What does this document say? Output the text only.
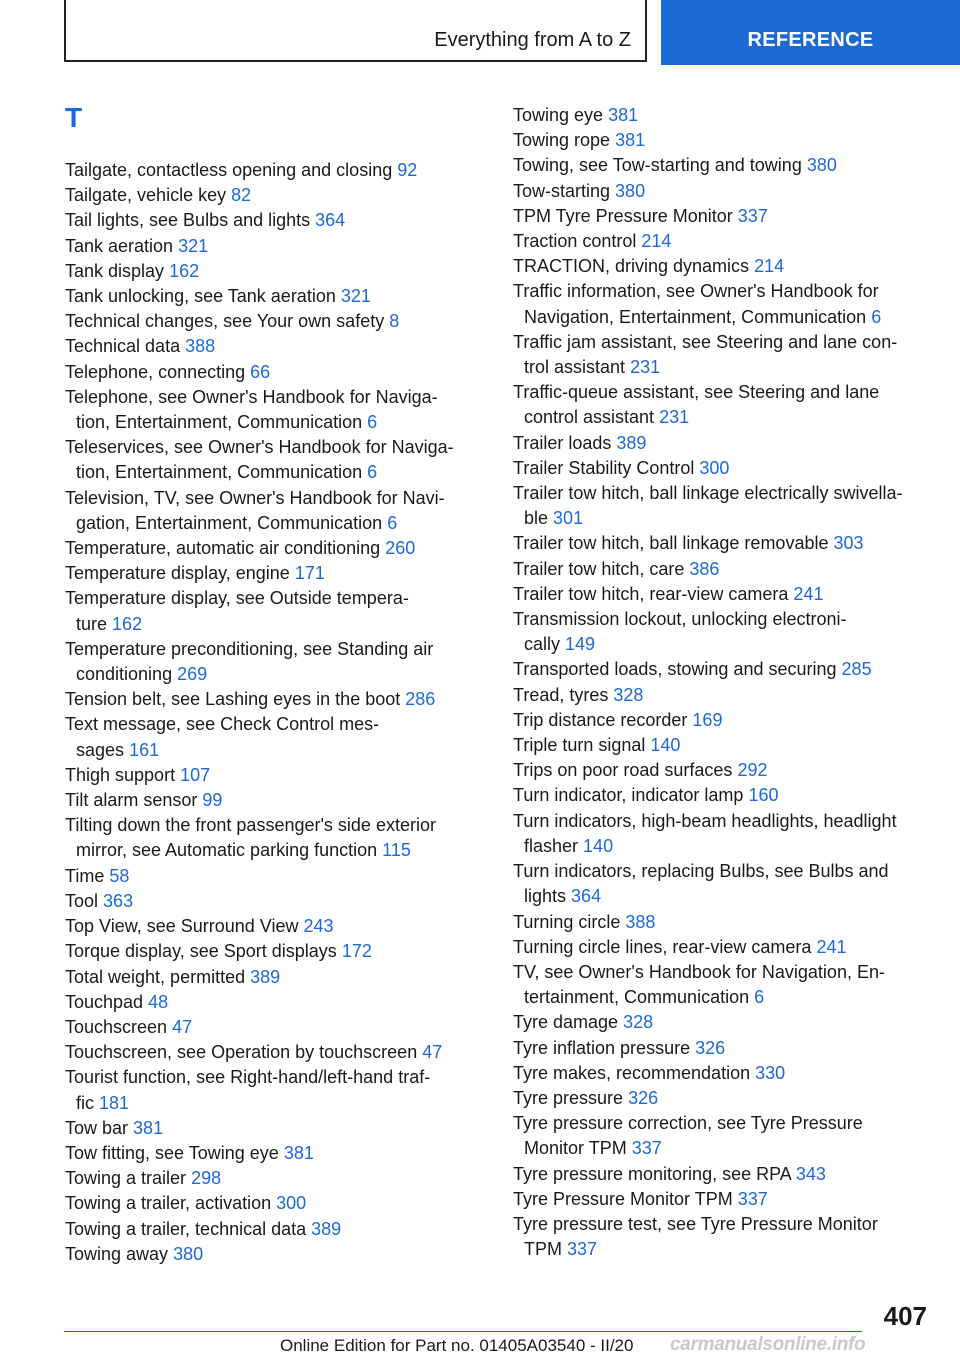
Everything from A to Z	REFERENCE
T
Tailgate, contactless opening and closing 92
Tailgate, vehicle key 82
Tail lights, see Bulbs and lights 364
Tank aeration 321
Tank display 162
Tank unlocking, see Tank aeration 321
Technical changes, see Your own safety 8
Technical data 388
Telephone, connecting 66
Telephone, see Owner's Handbook for Naviga-
tion, Entertainment, Communication 6
Teleservices, see Owner's Handbook for Naviga-
tion, Entertainment, Communication 6
Television, TV, see Owner's Handbook for Navi-
gation, Entertainment, Communication 6
Temperature, automatic air conditioning 260
Temperature display, engine 171
Temperature display, see Outside tempera-
ture 162
Temperature preconditioning, see Standing air
conditioning 269
Tension belt, see Lashing eyes in the boot 286
Text message, see Check Control mes-
sages 161
Thigh support 107
Tilt alarm sensor 99
Tilting down the front passenger's side exterior
mirror, see Automatic parking function 115
Time 58
Tool 363
Top View, see Surround View 243
Torque display, see Sport displays 172
Total weight, permitted 389
Touchpad 48
Touchscreen 47
Touchscreen, see Operation by touchscreen 47
Tourist function, see Right-hand/left-hand traf-
fic 181
Tow bar 381
Tow fitting, see Towing eye 381
Towing a trailer 298
Towing a trailer, activation 300
Towing a trailer, technical data 389
Towing away 380
Towing eye 381
Towing rope 381
Towing, see Tow-starting and towing 380
Tow-starting 380
TPM Tyre Pressure Monitor 337
Traction control 214
TRACTION, driving dynamics 214
Traffic information, see Owner's Handbook for
Navigation, Entertainment, Communication 6
Traffic jam assistant, see Steering and lane con-
trol assistant 231
Traffic-queue assistant, see Steering and lane
control assistant 231
Trailer loads 389
Trailer Stability Control 300
Trailer tow hitch, ball linkage electrically swivella-
ble 301
Trailer tow hitch, ball linkage removable 303
Trailer tow hitch, care 386
Trailer tow hitch, rear-view camera 241
Transmission lockout, unlocking electroni-
cally 149
Transported loads, stowing and securing 285
Tread, tyres 328
Trip distance recorder 169
Triple turn signal 140
Trips on poor road surfaces 292
Turn indicator, indicator lamp 160
Turn indicators, high-beam headlights, headlight
flasher 140
Turn indicators, replacing Bulbs, see Bulbs and
lights 364
Turning circle 388
Turning circle lines, rear-view camera 241
TV, see Owner's Handbook for Navigation, En-
tertainment, Communication 6
Tyre damage 328
Tyre inflation pressure 326
Tyre makes, recommendation 330
Tyre pressure 326
Tyre pressure correction, see Tyre Pressure
Monitor TPM 337
Tyre pressure monitoring, see RPA 343
Tyre Pressure Monitor TPM 337
Tyre pressure test, see Tyre Pressure Monitor
TPM 337
407
Online Edition for Part no. 01405A03540 - II/20 carmanualsonline.info
